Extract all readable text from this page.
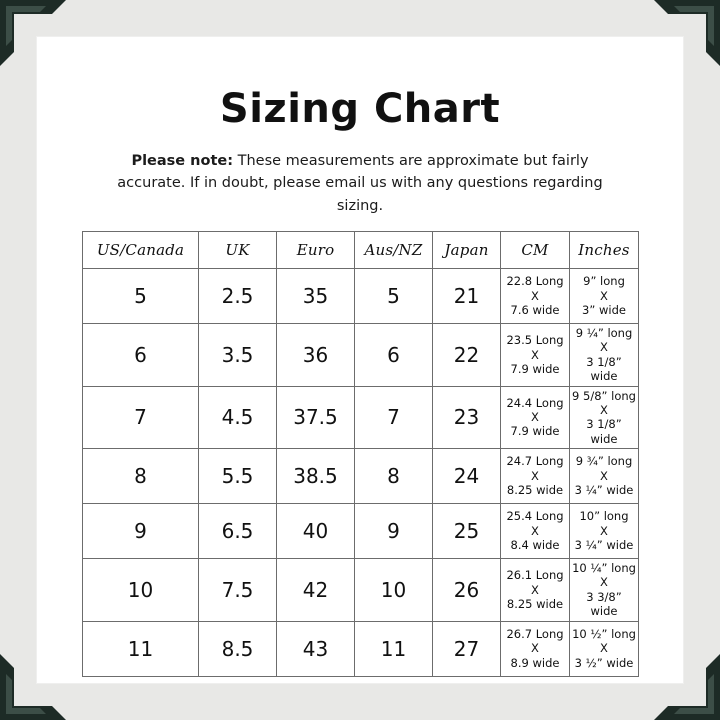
Sizing Chart
Please note: These measurements are approximate but fairly accurate. If in doubt, please email us with any questions regarding sizing.
US/Canada	UK	Euro	Aus/NZ	Japan	CM	Inches
5	2.5	35	5	21	22.8 Long
X
7.6 wide	9” long
X
3” wide

6	3.5	36	6	22	23.5 Long
X
7.9 wide	9 ¼” long
X
3 1/8” wide

7	4.5	37.5	7	23	24.4 Long
X
7.9 wide	9 5/8” long
X
3 1/8” wide

8	5.5	38.5	8	24	24.7 Long
X
8.25 wide	9 ¾” long
X
3 ¼” wide

9	6.5	40	9	25	25.4 Long
X
8.4 wide	10” long
X
3 ¼” wide

10	7.5	42	10	26	26.1 Long
X
8.25 wide	10 ¼” long
X
3 3/8” wide

11	8.5	43	11	27	26.7 Long
X
8.9 wide	10 ½” long
X
3 ½” wide
